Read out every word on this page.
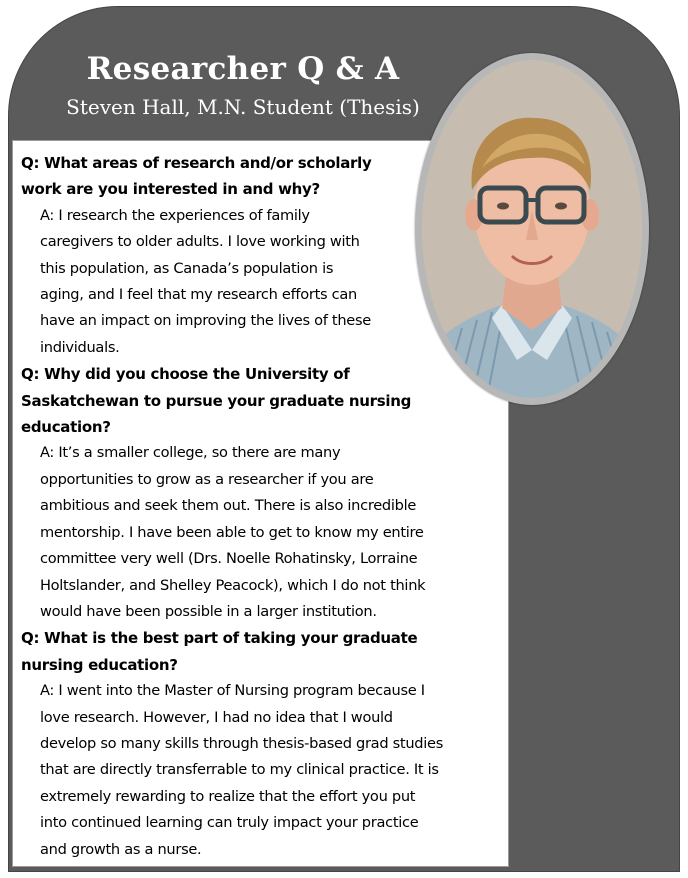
Researcher Q & A

Steven Hall, M.N. Student (Thesis)

Q: What areas of research and/or scholarly
work are you interested in and why?

A: I research the experiences of family
caregivers to older adults. I love working with
this population, as Canada’s population is
aging, and I feel that my research efforts can
have an impact on improving the lives of these
individuals.

Q: Why did you choose the University of
Saskatchewan to pursue your graduate nursing
education?

A: It’s a smaller college, so there are many
opportunities to grow as a researcher if you are
ambitious and seek them out. There is also incredible
mentorship. I have been able to get to know my entire
committee very well (Drs. Noelle Rohatinsky, Lorraine
Holtslander, and Shelley Peacock), which I do not think
would have been possible in a larger institution.

Q: What is the best part of taking your graduate
nursing education?

A: I went into the Master of Nursing program because I
love research. However, I had no idea that I would
develop so many skills through thesis-based grad studies
that are directly transferrable to my clinical practice. It is
extremely rewarding to realize that the effort you put
into continued learning can truly impact your practice
and growth as a nurse.
